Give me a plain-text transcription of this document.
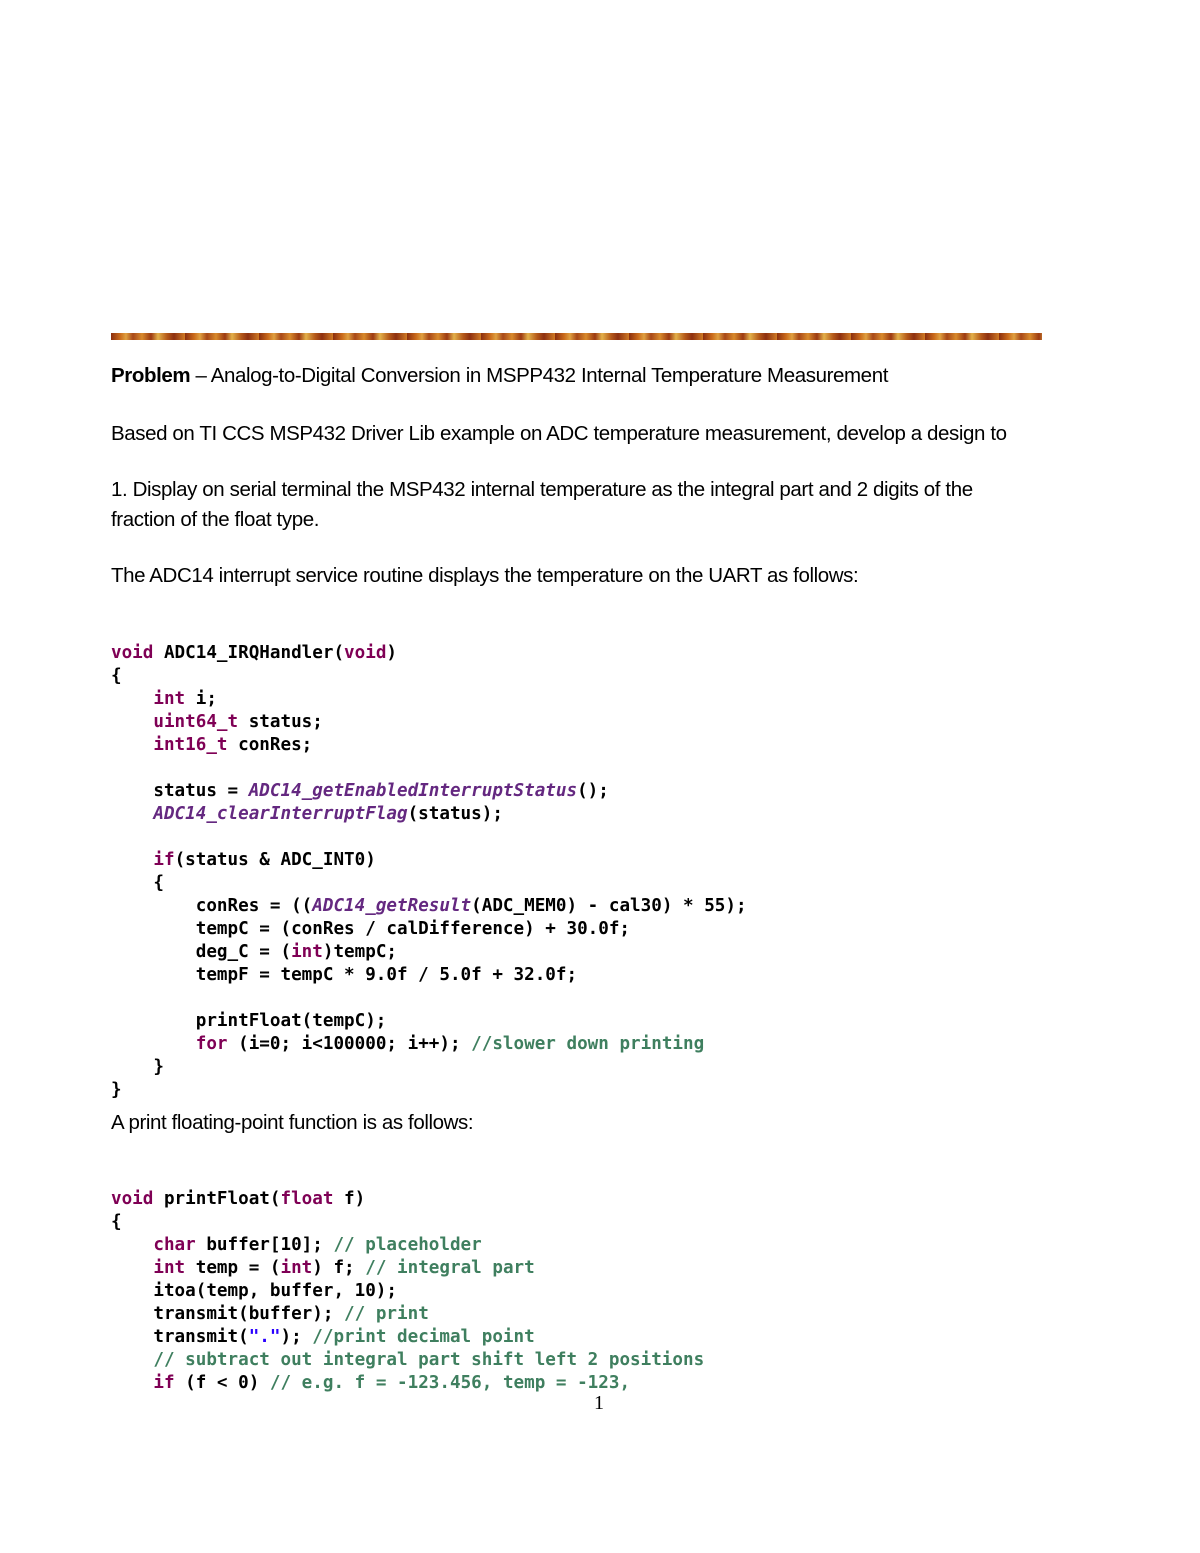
Problem – Analog-to-Digital Conversion in MSPP432 Internal Temperature Measurement

Based on TI CCS MSP432 Driver Lib example on ADC temperature measurement, develop a design to

1. Display on serial terminal the MSP432 internal temperature as the integral part and 2 digits of the

fraction of the float type.

The ADC14 interrupt service routine displays the temperature on the UART as follows:

void ADC14_IRQHandler(void)
{
int i;
uint64_t status;
int16_t conRes;
status = ADC14_getEnabledInterruptStatus();
ADC14_clearInterruptFlag(status);
if(status & ADC_INT0)
{
conRes = ((ADC14_getResult(ADC_MEM0) - cal30) * 55);
tempC = (conRes / calDifference) + 30.0f;
deg_C = (int)tempC;
tempF = tempC * 9.0f / 5.0f + 32.0f;
printFloat(tempC);
for (i=0; i<100000; i++); //slower down printing
}
}

A print floating-point function is as follows:

void printFloat(float f)
{
char buffer[10]; // placeholder
int temp = (int) f; // integral part
itoa(temp, buffer, 10);
transmit(buffer); // print
transmit("."); //print decimal point
// subtract out integral part shift left 2 positions
if (f < 0) // e.g. f = -123.456, temp = -123,

1
